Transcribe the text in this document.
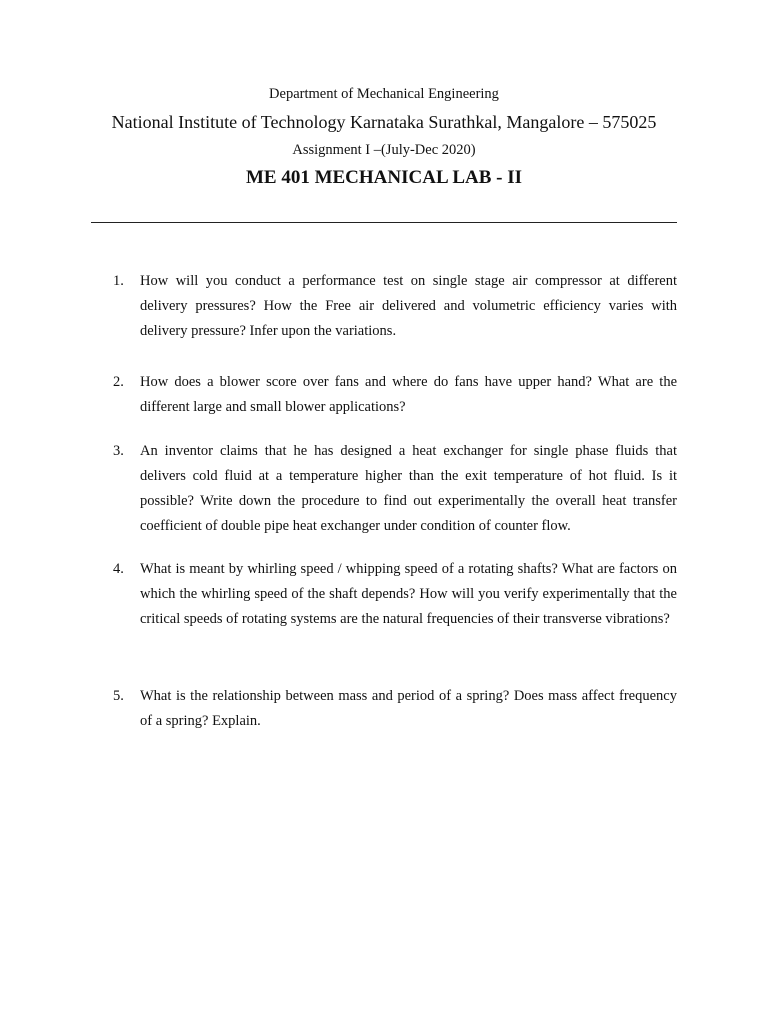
Department of Mechanical Engineering
National Institute of Technology Karnataka Surathkal, Mangalore – 575025
Assignment I –(July-Dec 2020)
ME 401 MECHANICAL LAB - II
1.	How will you conduct a performance test on single stage air compressor at different delivery pressures? How the Free air delivered and volumetric efficiency varies with delivery pressure? Infer upon the variations.
2.	How does a blower score over fans and where do fans have upper hand? What are the different large and small blower applications?
3.	An inventor claims that he has designed a heat exchanger for single phase fluids that delivers cold fluid at a temperature higher than the exit temperature of hot fluid. Is it possible? Write down the procedure to find out experimentally the overall heat transfer coefficient of double pipe heat exchanger under condition of counter flow.
4.	What is meant by whirling speed / whipping speed of a rotating shafts? What are factors on which the whirling speed of the shaft depends? How will you verify experimentally that the critical speeds of rotating systems are the natural frequencies of their transverse vibrations?
5.	What is the relationship between mass and period of a spring? Does mass affect frequency of a spring? Explain.
